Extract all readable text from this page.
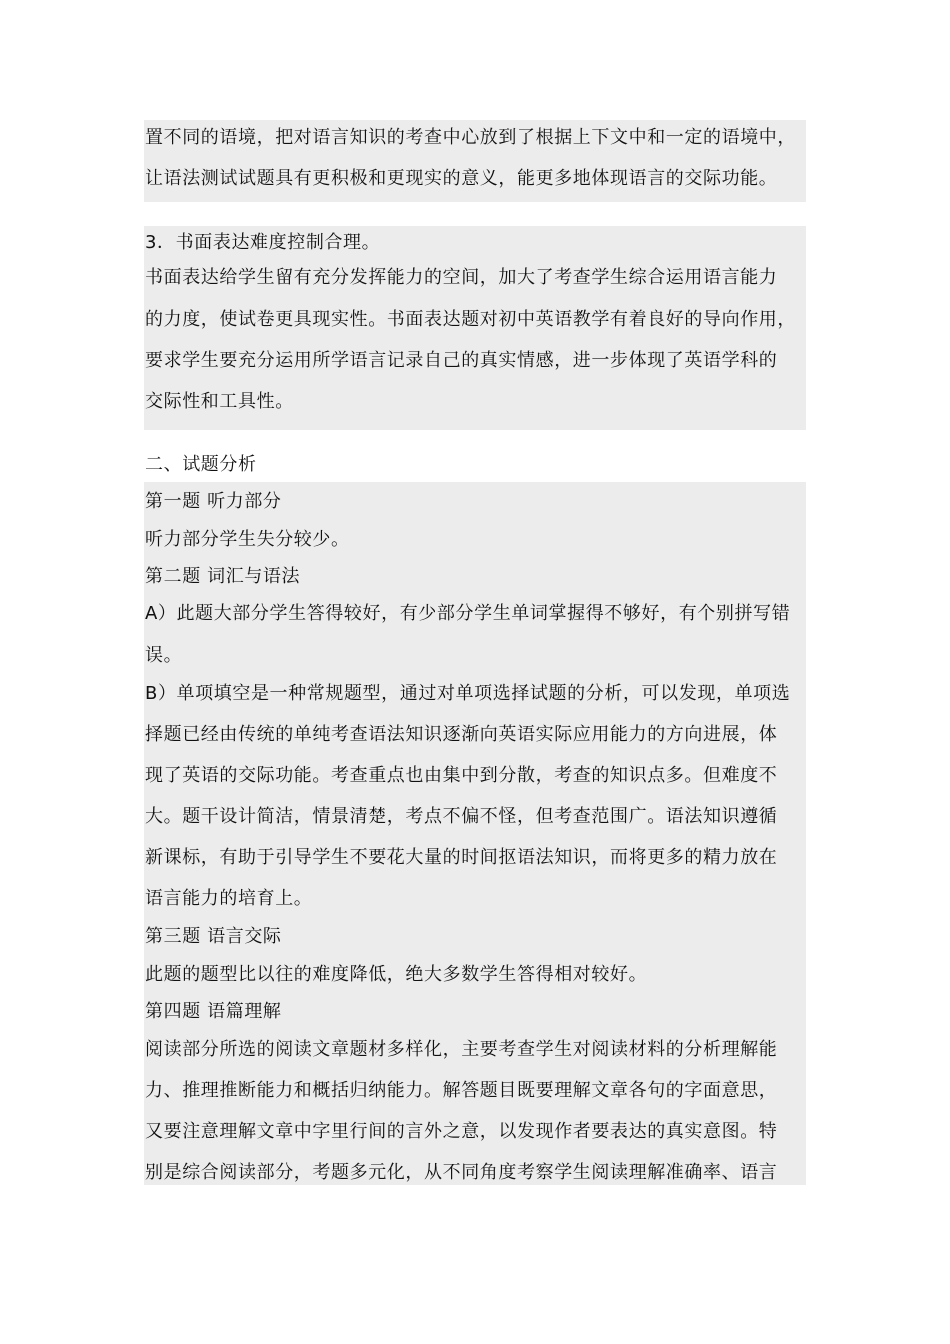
置不同的语境，把对语言知识的考查中心放到了根据上下文中和一定的语境中，
让语法测试试题具有更积极和更现实的意义，能更多地体现语言的交际功能。
3．书面表达难度控制合理。
书面表达给学生留有充分发挥能力的空间，加大了考查学生综合运用语言能力
的力度，使试卷更具现实性。书面表达题对初中英语教学有着良好的导向作用，
要求学生要充分运用所学语言记录自己的真实情感，进一步体现了英语学科的
交际性和工具性。
二、试题分析
第一题 听力部分
听力部分学生失分较少。
第二题 词汇与语法
A）此题大部分学生答得较好，有少部分学生单词掌握得不够好，有个别拼写错
误。
B）单项填空是一种常规题型，通过对单项选择试题的分析，可以发现，单项选
择题已经由传统的单纯考查语法知识逐渐向英语实际应用能力的方向进展，体
现了英语的交际功能。考查重点也由集中到分散，考查的知识点多。但难度不
大。题干设计简洁，情景清楚，考点不偏不怪，但考查范围广。语法知识遵循
新课标，有助于引导学生不要花大量的时间抠语法知识，而将更多的精力放在
语言能力的培育上。
第三题 语言交际
此题的题型比以往的难度降低，绝大多数学生答得相对较好。
第四题 语篇理解
阅读部分所选的阅读文章题材多样化，主要考查学生对阅读材料的分析理解能
力、推理推断能力和概括归纳能力。解答题目既要理解文章各句的字面意思，
又要注意理解文章中字里行间的言外之意，以发现作者要表达的真实意图。特
别是综合阅读部分，考题多元化，从不同角度考察学生阅读理解准确率、语言
